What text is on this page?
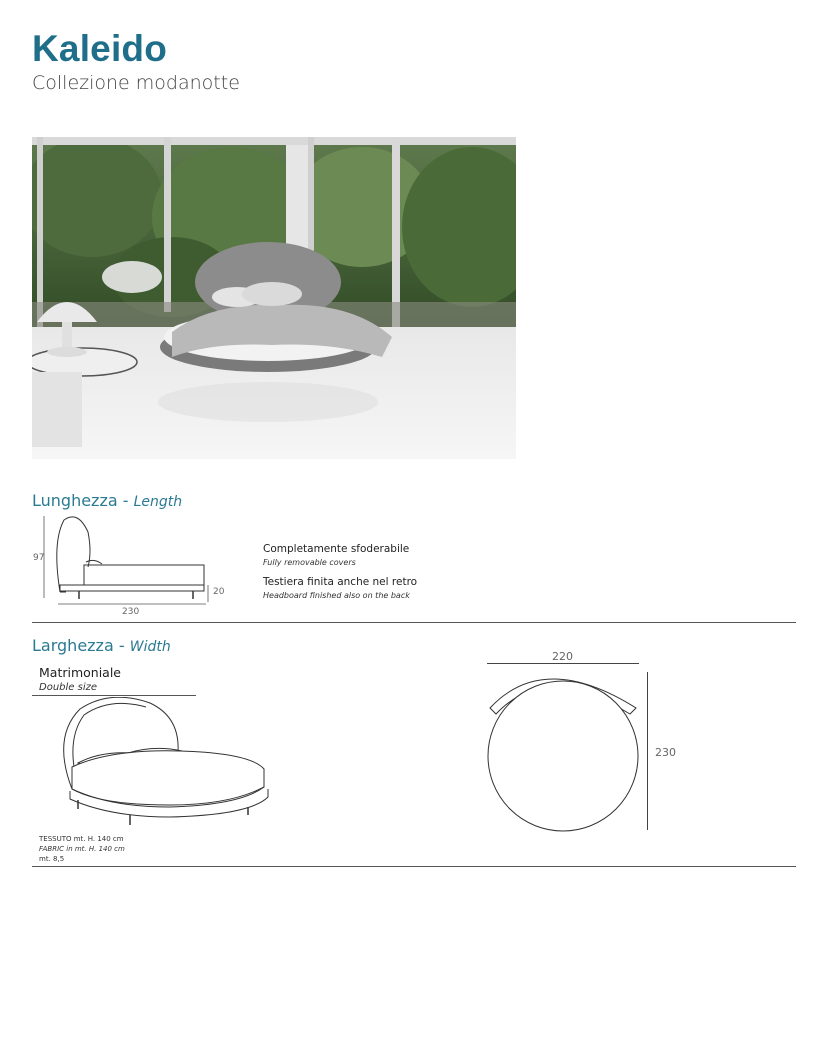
Kaleido
Collezione modanotte
Lunghezza - Length
97
20
230
Completamente sfoderabile
Fully removable covers
Testiera finita anche nel retro
Headboard finished also on the back
Larghezza - Width
Matrimoniale
Double size
TESSUTO mt. H. 140 cm
FABRIC in mt. H. 140 cm
mt. 8,5
220
230
